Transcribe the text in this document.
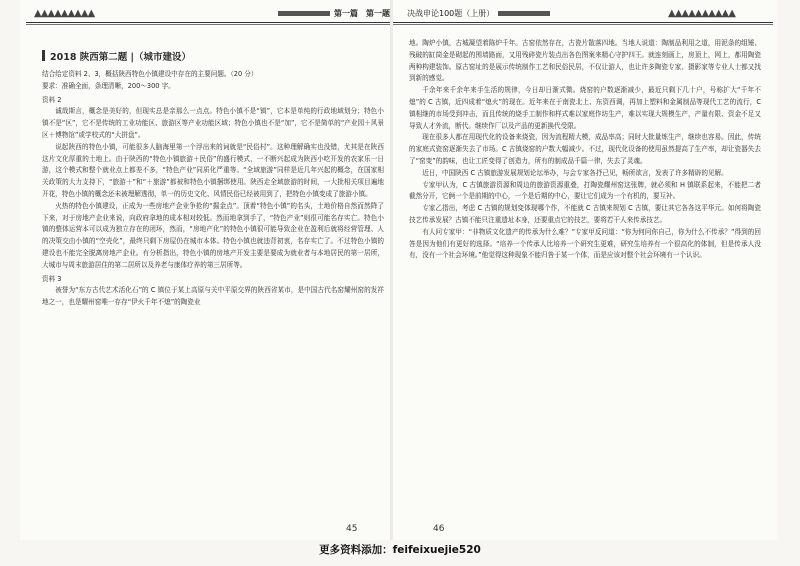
▲▲▲▲▲▲▲▲▲	第一篇　第一题
2018 陕西第二题 |（城市建设）

结合给定资料 2、3，概括陕西特色小镇建设中存在的主要问题。（20 分）

要求：准确全面，条理清晰，200～300 字。

资料 2

诚哉斯言，概念是美好的，但现实总是亲那么一点点。特色小镇不是“镇”，它本是单纯的行政地域划分；特色小镇不是“区”，它不是传统的工业功能区、旅游区等产业功能区域；特色小镇也不是“加”，它不是简单的“产业园＋风景区＋博物馆”或学校式的“大拼盘”。

说起陕西的特色小镇，可能很多人脑海里第一个浮出来的词就是“民俗村”。这种理解确实也没错，尤其是在陕西这片文化厚重的土地上。由于陕西的“特色小镇旅游＋民俗”的盛行模式，一不断兴起成为陕西小吃开发的农家乐一日游，这个模式和整个就业点上都差不多，“特色产业”同质化严重等。“全域旅游”同样是近几年兴起的概念，在国家相关政策的大力支持下，“旅游＋”和“＋旅游”都被和特色小镇捆绑使用。陕西走全域旅游的时间，一大批相关项目遍地开花，特色小镇的概念还未被理解透彻，单一的历史文化、风情民俗已经被用到了，把特色小镇变成了旅游小镇。

火热的特色小镇建设，正成为一些房地产企业争抢的“掘金点”。顶着“特色小镇”的名头，土地价格自然而然降了下来，对于房地产企业来说，向政府拿地的成本相对较低。然而地拿到手了，“特色产业”则很可能名存实亡。特色小镇的整体运营本可以成为独立存在的闭环，然而，“房地产化”的特色小镇很可能导致企业在盈利后就将经营管理、人的决策交由小镇的“空壳化”，最终只剩下房屋仍在城市本体。特色小镇也就违背初衷，名存实亡了。不过特色小镇的建设也不能完全脱离房地产企业。有分析指出，特色小镇的房地产开发主要是要成为就业者与本地居民的第一居所，大城市与周末旅游居住的第二居所以及养老与康体疗养的第三居所等。

资料 3

被誉为“东方古代艺术活化石”的 C 镇位于某上高原与关中平原交界的陕西省某市，是中国古代名窑耀州窑的发祥地之一，也是耀州窑唯一存存“伊火千年不熄”的陶瓷业

45
决战申论100题（上册）	▲▲▲▲▲▲▲▲▲▲

地。陶炉小镇，古城凝望着陈炉千年。古窑依然存在，古瓷片散落四地。当地人说道：陶制品利用之道，用泥条的组锤、残破的缸筒金是砌起的围墙路面，又用残碎瓷片装点出各色图案来精心守护四王。就连刻画上，房顶上，网上，都用陶瓷两种构建装饰。原古窑址的是展示传统制作工艺和民俗民居，不仅让游人，也让许多陶瓷专家、摄影家等专业人士都又找到新的感觉。

千余年来千余年来手生活的规律，今日却日渐式微。烧窑的户数逐渐减少，最近只剩下几十户，号称扩大“千年不熄”的 C 古镇，近四成着“熄火”的现在。近年来在于南瓷北上、东资西调，再加上塑料和金属制品等现代工艺的流行，C 镇相继的市场受到冲击，而且传统的烧手工制作和样式难以家庭作坊生产，难以实现大规模生产，产量有限、资金不足又导致人才外流，断代。继续作厂以及产品的更新换代受限。

现在很多人都在用现代化的设备来烧瓷，因为流程精大模，成品率高；同时大批量炼生产，继续也容易。因此，传统的家庭式瓷窑逐渐失去了市场。C 古镇烧窑的户数大幅减少。不过，现代化设备的使用虽然提高了生产率，却让瓷器失去了“窑变”的韵味，也让工匠变得了创造力，所有的制成品千篇一律，失去了灵魂。

近日，中国陕西 C 古镇旅游发展规划论坛举办，与会专家各抒己见，畅所欲言，发表了许多精辟的见解。

专家甲认为，C 古镇旅游资源和周边的旅游资源重叠，打陶瓷耀州窑这张牌，就必须和 H 镇联系起来，不能把二者截然分开，它俩一个是前期的中心，一个是后期的中心，要让它们成为一个有机的，要互补。

专家乙指出，考虑 C 古镇的规划变体现哪个作，不能就 C 古镇来规划 C 古镇，要让其它各各这平华元。如何将陶瓷技艺传承发展？古镇不能只注重遗址本身，还要重点它的技艺，要将若干人来传承技艺。

有人问专家甲：“非物质文化遗产的传承为什么难？”专家甲反问道：“你为何问你自己，你为什么不传承？”得到的回答是因为他们有更好的选择。“培养一个传承人比培养一个研究生更难，研究生培养有一个很高化的体制，但是传承人没有，没有一个社会环境。”他觉得这种现象不能归咎于某一个体，而是应该对整个社会环境有一个认识。

46
更多资料添加：feifeixuejie520
